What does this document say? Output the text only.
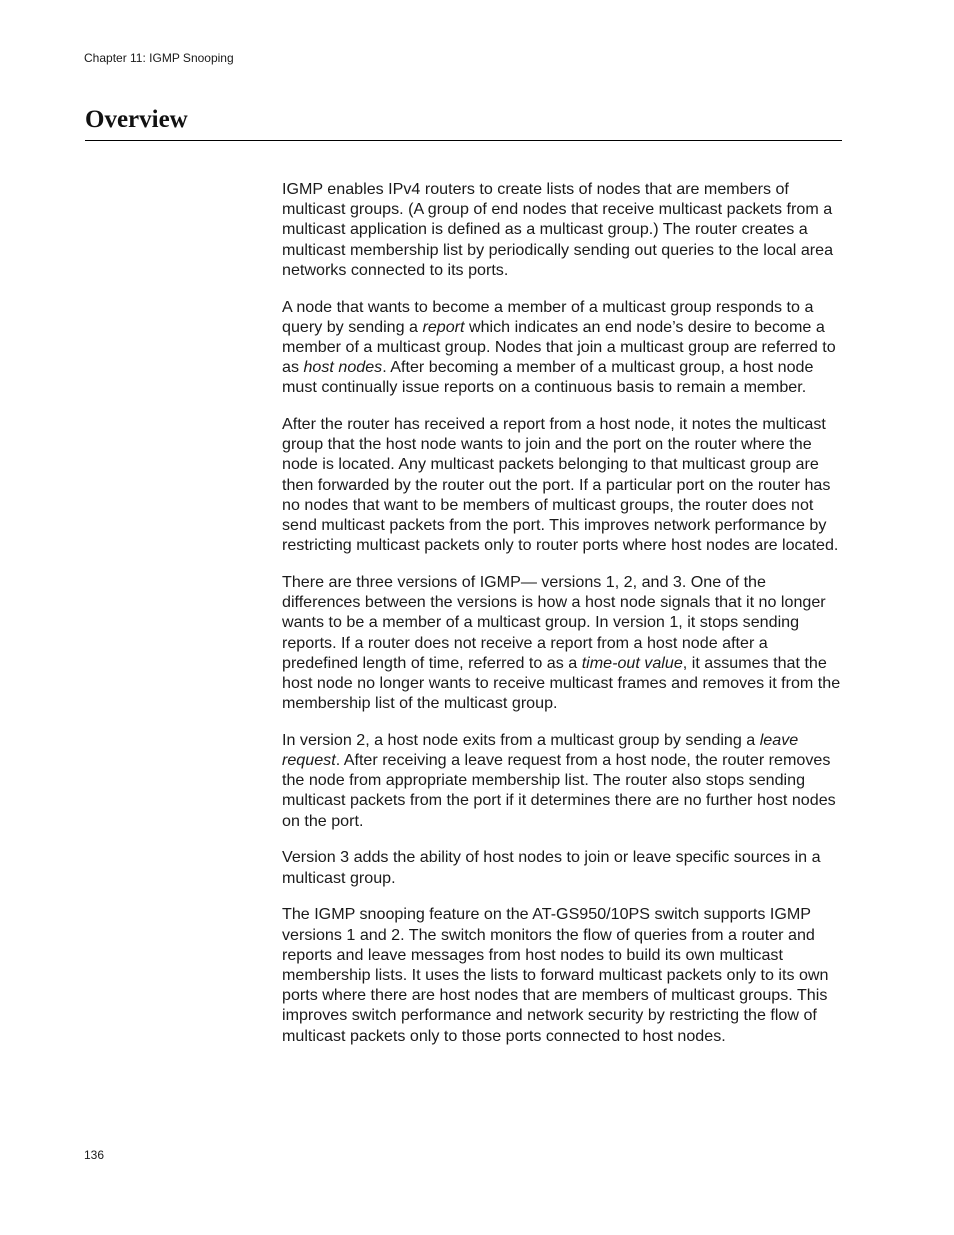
Chapter 11: IGMP Snooping
Overview

IGMP enables IPv4 routers to create lists of nodes that are members of multicast groups. (A group of end nodes that receive multicast packets from a multicast application is defined as a multicast group.) The router creates a multicast membership list by periodically sending out queries to the local area networks connected to its ports.

A node that wants to become a member of a multicast group responds to a query by sending a report which indicates an end node’s desire to become a member of a multicast group. Nodes that join a multicast group are referred to as host nodes. After becoming a member of a multicast group, a host node must continually issue reports on a continuous basis to remain a member.

After the router has received a report from a host node, it notes the multicast group that the host node wants to join and the port on the router where the node is located. Any multicast packets belonging to that multicast group are then forwarded by the router out the port. If a particular port on the router has no nodes that want to be members of multicast groups, the router does not send multicast packets from the port. This improves network performance by restricting multicast packets only to router ports where host nodes are located.

There are three versions of IGMP— versions 1, 2, and 3. One of the differences between the versions is how a host node signals that it no longer wants to be a member of a multicast group. In version 1, it stops sending reports. If a router does not receive a report from a host node after a predefined length of time, referred to as a time-out value, it assumes that the host node no longer wants to receive multicast frames and removes it from the membership list of the multicast group.

In version 2, a host node exits from a multicast group by sending a leave request. After receiving a leave request from a host node, the router removes the node from appropriate membership list. The router also stops sending multicast packets from the port if it determines there are no further host nodes on the port.

Version 3 adds the ability of host nodes to join or leave specific sources in a multicast group.

The IGMP snooping feature on the AT-GS950/10PS switch supports IGMP versions 1 and 2. The switch monitors the flow of queries from a router and reports and leave messages from host nodes to build its own multicast membership lists. It uses the lists to forward multicast packets only to its own ports where there are host nodes that are members of multicast groups. This improves switch performance and network security by restricting the flow of multicast packets only to those ports connected to host nodes.

136
